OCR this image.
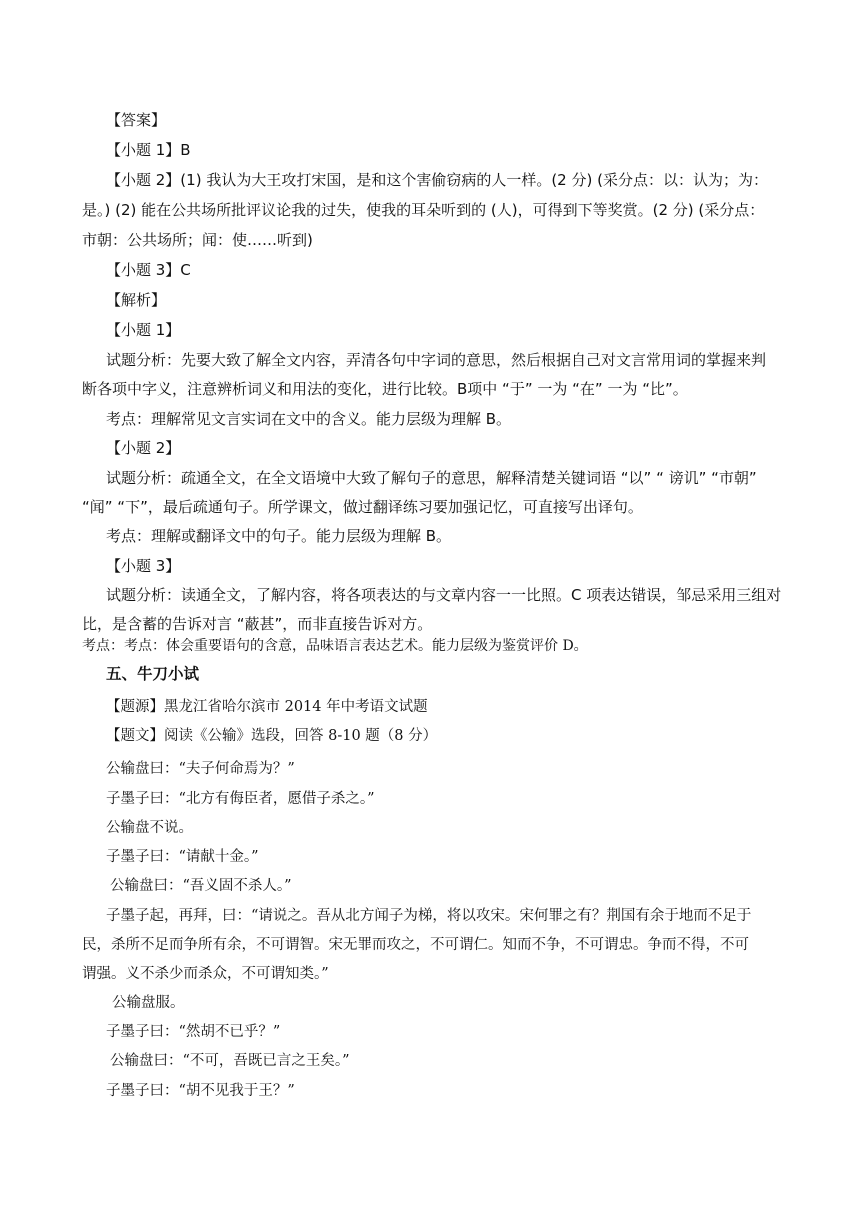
【答案】
【小题 1】B
【小题 2】(1) 我认为大王攻打宋国，是和这个害偷窃病的人一样。(2 分) (采分点：以：认为；为：
是。) (2) 能在公共场所批评议论我的过失，使我的耳朵听到的 (人)，可得到下等奖赏。(2 分) (采分点：
市朝：公共场所；闻：使……听到)
【小题 3】C
【解析】
【小题 1】
试题分析：先要大致了解全文内容，弄清各句中字词的意思，然后根据自己对文言常用词的掌握来判
断各项中字义，注意辨析词义和用法的变化，进行比较。B项中 “于” 一为 “在” 一为 “比”。
考点：理解常见文言实词在文中的含义。能力层级为理解 B。
【小题 2】
试题分析：疏通全文，在全文语境中大致了解句子的意思，解释清楚关键词语 “以” “ 谤讥” “市朝”
“闻” “下”，最后疏通句子。所学课文，做过翻译练习要加强记忆，可直接写出译句。
考点：理解或翻译文中的句子。能力层级为理解 B。
【小题 3】
试题分析：读通全文，了解内容，将各项表达的与文章内容一一比照。C 项表达错误，邹忌采用三组对
比，是含蓄的告诉对言 “蔽甚”，而非直接告诉对方。
考点：考点：体会重要语句的含意，品味语言表达艺术。能力层级为鉴赏评价 D。
五、牛刀小试
【题源】黑龙江省哈尔滨市 2014 年中考语文试题
【题文】阅读《公输》选段，回答 8-10 题（8 分）
公输盘曰：“夫子何命焉为？”
子墨子曰：“北方有侮臣者，愿借子杀之。”
公输盘不说。
子墨子曰：“请献十金。”
公输盘曰：“吾义固不杀人。”
子墨子起，再拜，曰：“请说之。吾从北方闻子为梯，将以攻宋。宋何罪之有？荆国有余于地而不足于
民，杀所不足而争所有余，不可谓智。宋无罪而攻之，不可谓仁。知而不争，不可谓忠。争而不得，不可
谓强。义不杀少而杀众，不可谓知类。”
公输盘服。
子墨子曰：“然胡不已乎？”
公输盘曰：“不可，吾既已言之王矣。”
子墨子曰：“胡不见我于王？”
